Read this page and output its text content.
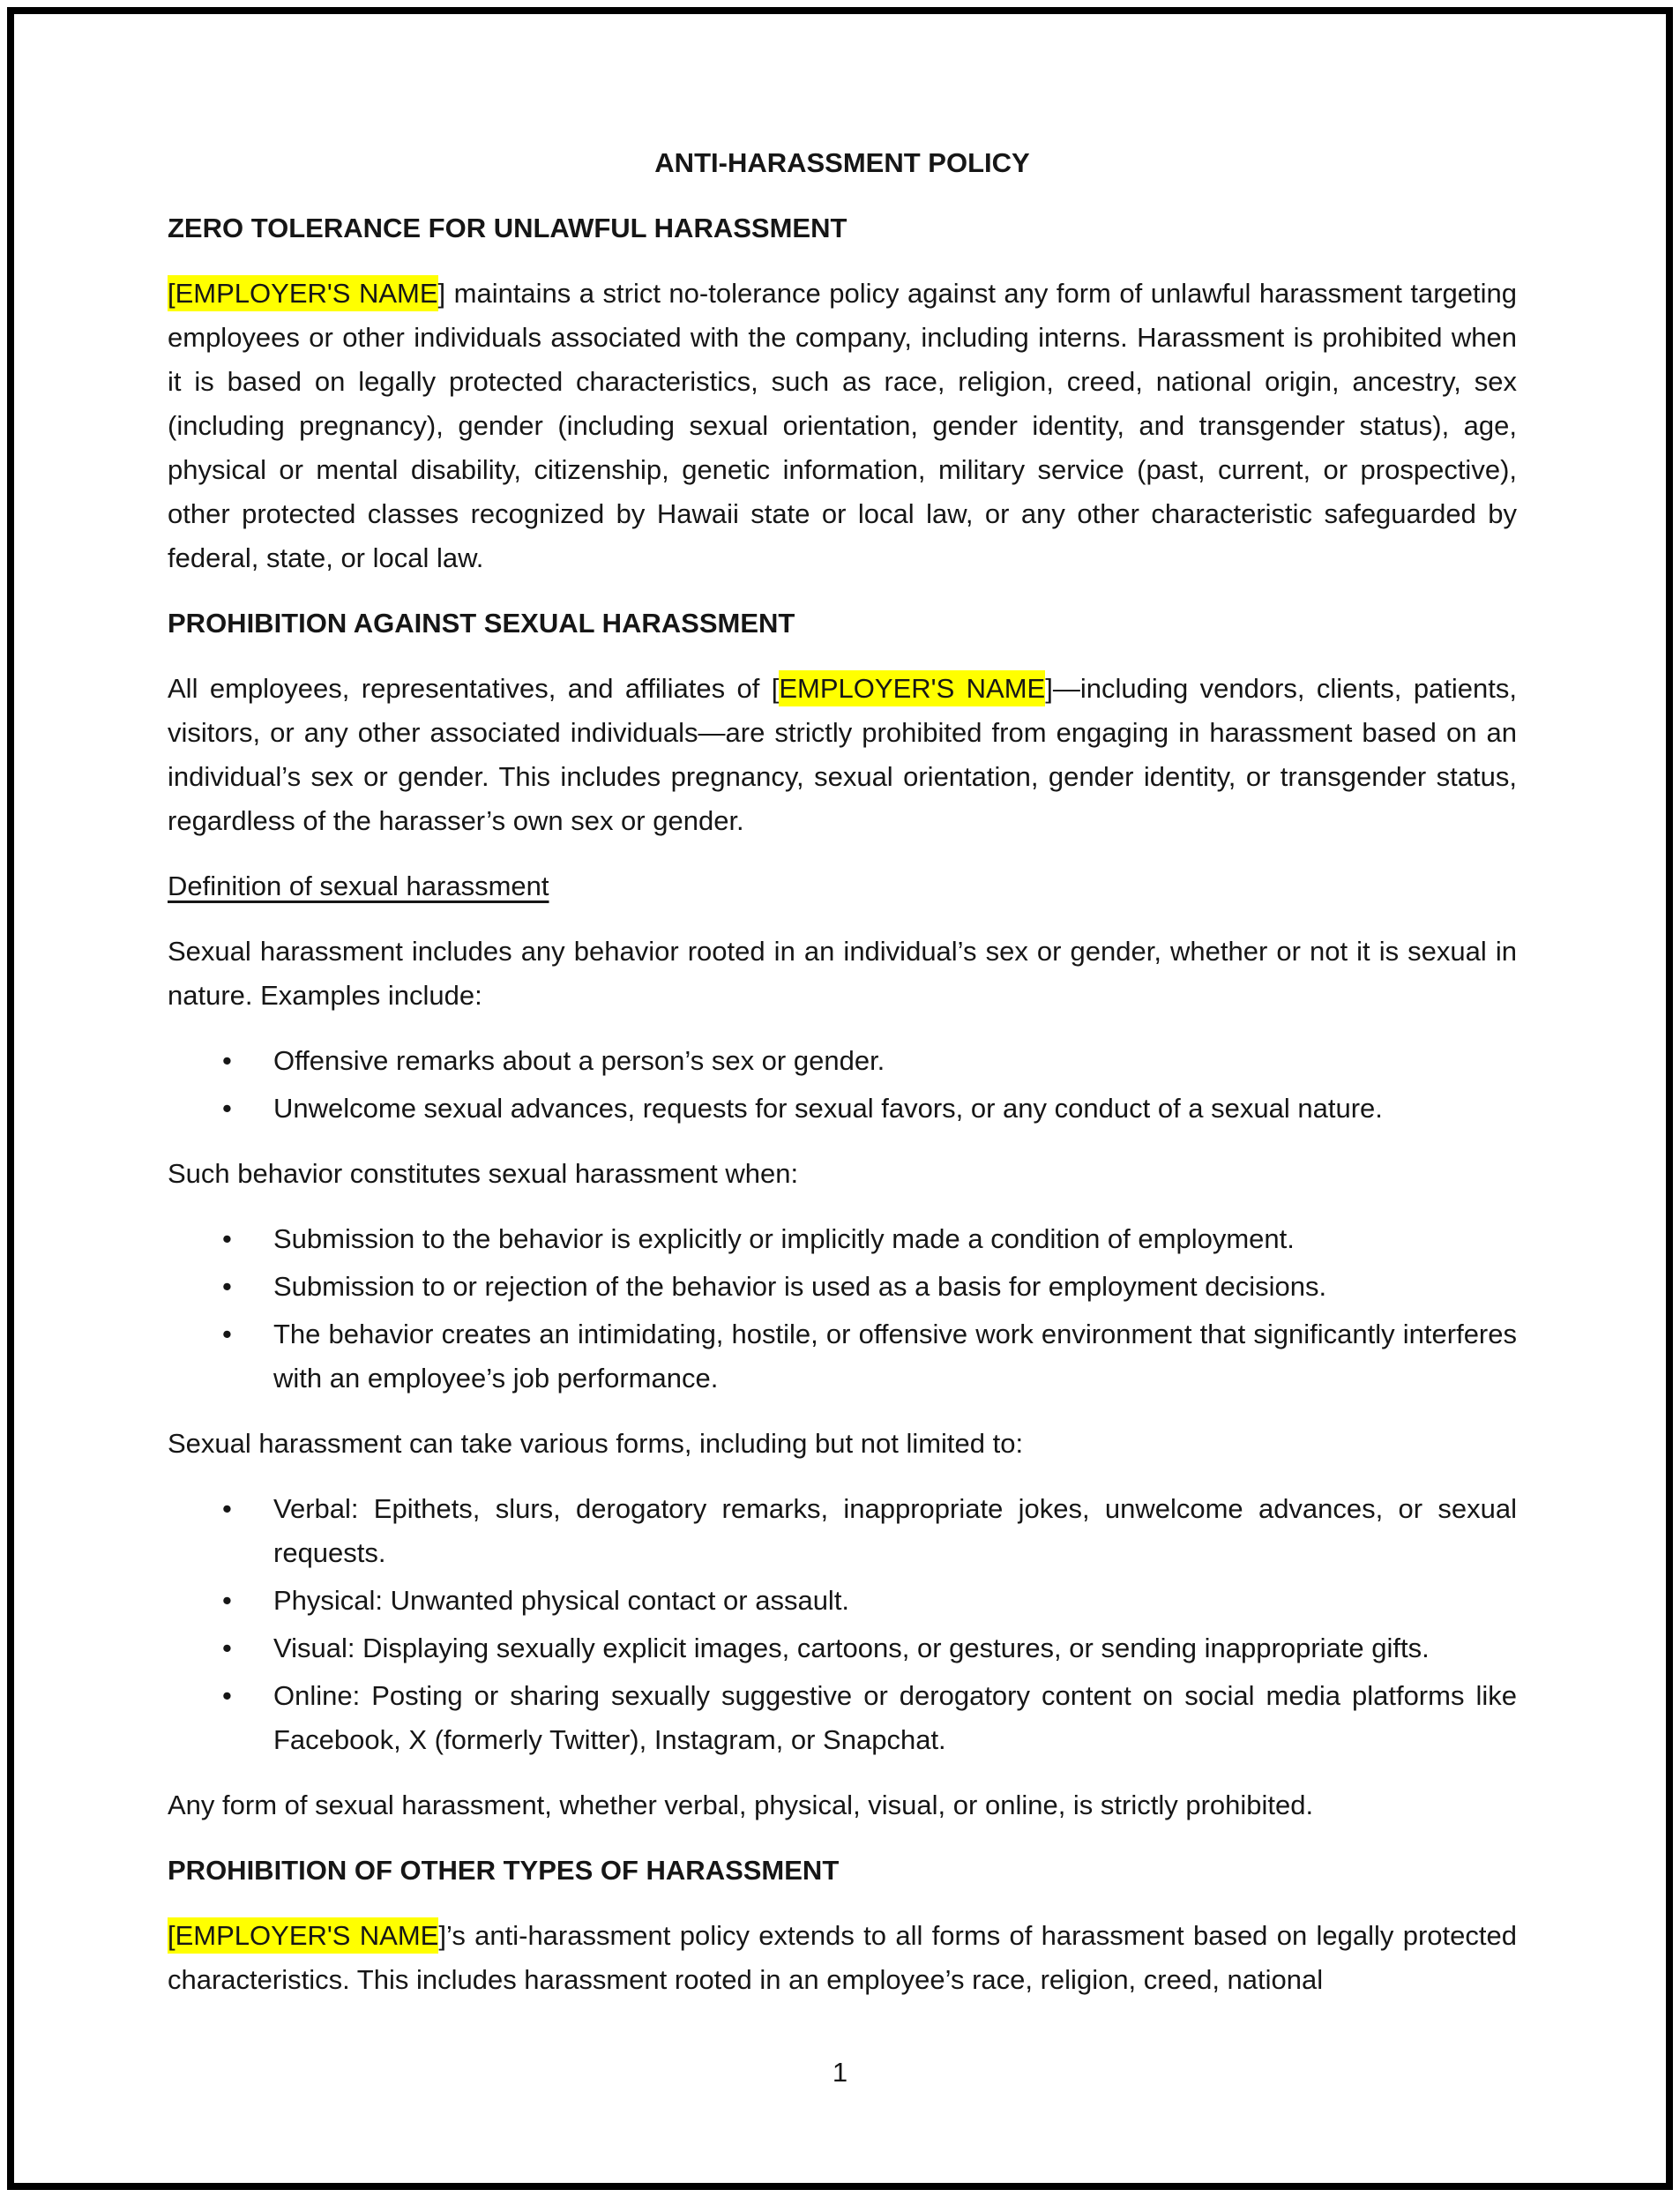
ANTI-HARASSMENT POLICY
ZERO TOLERANCE FOR UNLAWFUL HARASSMENT

[EMPLOYER'S NAME] maintains a strict no-tolerance policy against any form of unlawful harassment targeting employees or other individuals associated with the company, including interns. Harassment is prohibited when it is based on legally protected characteristics, such as race, religion, creed, national origin, ancestry, sex (including pregnancy), gender (including sexual orientation, gender identity, and transgender status), age, physical or mental disability, citizenship, genetic information, military service (past, current, or prospective), other protected classes recognized by Hawaii state or local law, or any other characteristic safeguarded by federal, state, or local law.

PROHIBITION AGAINST SEXUAL HARASSMENT

All employees, representatives, and affiliates of [EMPLOYER'S NAME]—including vendors, clients, patients, visitors, or any other associated individuals—are strictly prohibited from engaging in harassment based on an individual’s sex or gender. This includes pregnancy, sexual orientation, gender identity, or transgender status, regardless of the harasser’s own sex or gender.

Definition of sexual harassment

Sexual harassment includes any behavior rooted in an individual’s sex or gender, whether or not it is sexual in nature. Examples include:

• Offensive remarks about a person’s sex or gender.
• Unwelcome sexual advances, requests for sexual favors, or any conduct of a sexual nature.

Such behavior constitutes sexual harassment when:

• Submission to the behavior is explicitly or implicitly made a condition of employment.
• Submission to or rejection of the behavior is used as a basis for employment decisions.
• The behavior creates an intimidating, hostile, or offensive work environment that significantly interferes with an employee’s job performance.

Sexual harassment can take various forms, including but not limited to:

• Verbal: Epithets, slurs, derogatory remarks, inappropriate jokes, unwelcome advances, or sexual requests.
• Physical: Unwanted physical contact or assault.
• Visual: Displaying sexually explicit images, cartoons, or gestures, or sending inappropriate gifts.
• Online: Posting or sharing sexually suggestive or derogatory content on social media platforms like Facebook, X (formerly Twitter), Instagram, or Snapchat.

Any form of sexual harassment, whether verbal, physical, visual, or online, is strictly prohibited.

PROHIBITION OF OTHER TYPES OF HARASSMENT

[EMPLOYER'S NAME]’s anti-harassment policy extends to all forms of harassment based on legally protected characteristics. This includes harassment rooted in an employee’s race, religion, creed, national

1
